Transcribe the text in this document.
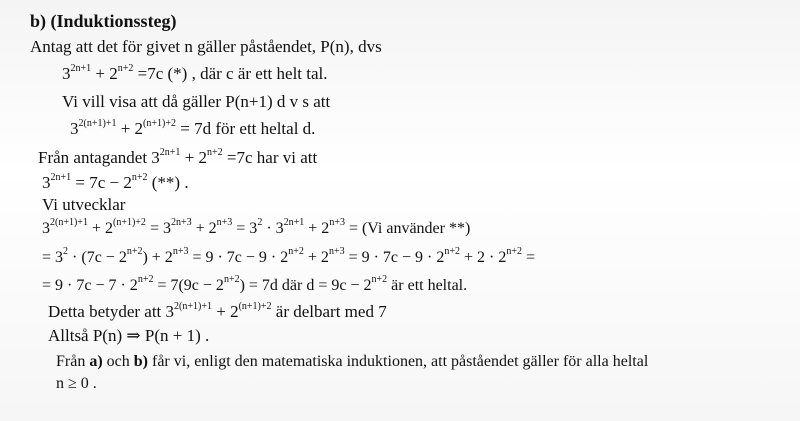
b) (Induktionssteg)
Antag att det för givet n gäller påståendet, P(n), dvs
$3^{2n+1} + 2^{n+2} =7c$ (*) , där c är ett helt tal.
Vi vill visa att då gäller P(n+1) d v s att
$3^{2(n+1)+1} + 2^{(n+1)+2} = 7d$ för ett heltal d.
Från antagandet $3^{2n+1} + 2^{n+2} =7c$ har vi att
$3^{2n+1} = 7c - 2^{n+2}$ (**) .
Vi utvecklar
$3^{2(n+1)+1} + 2^{(n+1)+2} = 3^{2n+3} + 2^{n+3} = 3^2 \cdot 3^{2n+1} + 2^{n+3} = (Vi$ använder **)
= $3^2 \cdot (7c - 2^{n+2}) + 2^{n+3} = 9 \cdot 7c - 9 \cdot 2^{n+2} + 2^{n+3} = 9 \cdot 7c - 9 \cdot 2^{n+2} + 2 \cdot 2^{n+2}$ =
= $9 \cdot 7c - 7 \cdot 2^{n+2} = 7(9c - 2^{n+2}) = 7d$ där $d = 9c - 2^{n+2}$ är ett heltal.
Detta betyder att $3^{2(n+1)+1} + 2^{(n+1)+2}$ är delbart med 7
Alltså P(n) ⇒ P(n + 1) .
Från a) och b) får vi, enligt den matematiska induktionen, att påståendet gäller för alla heltal
n ≥ 0 .
